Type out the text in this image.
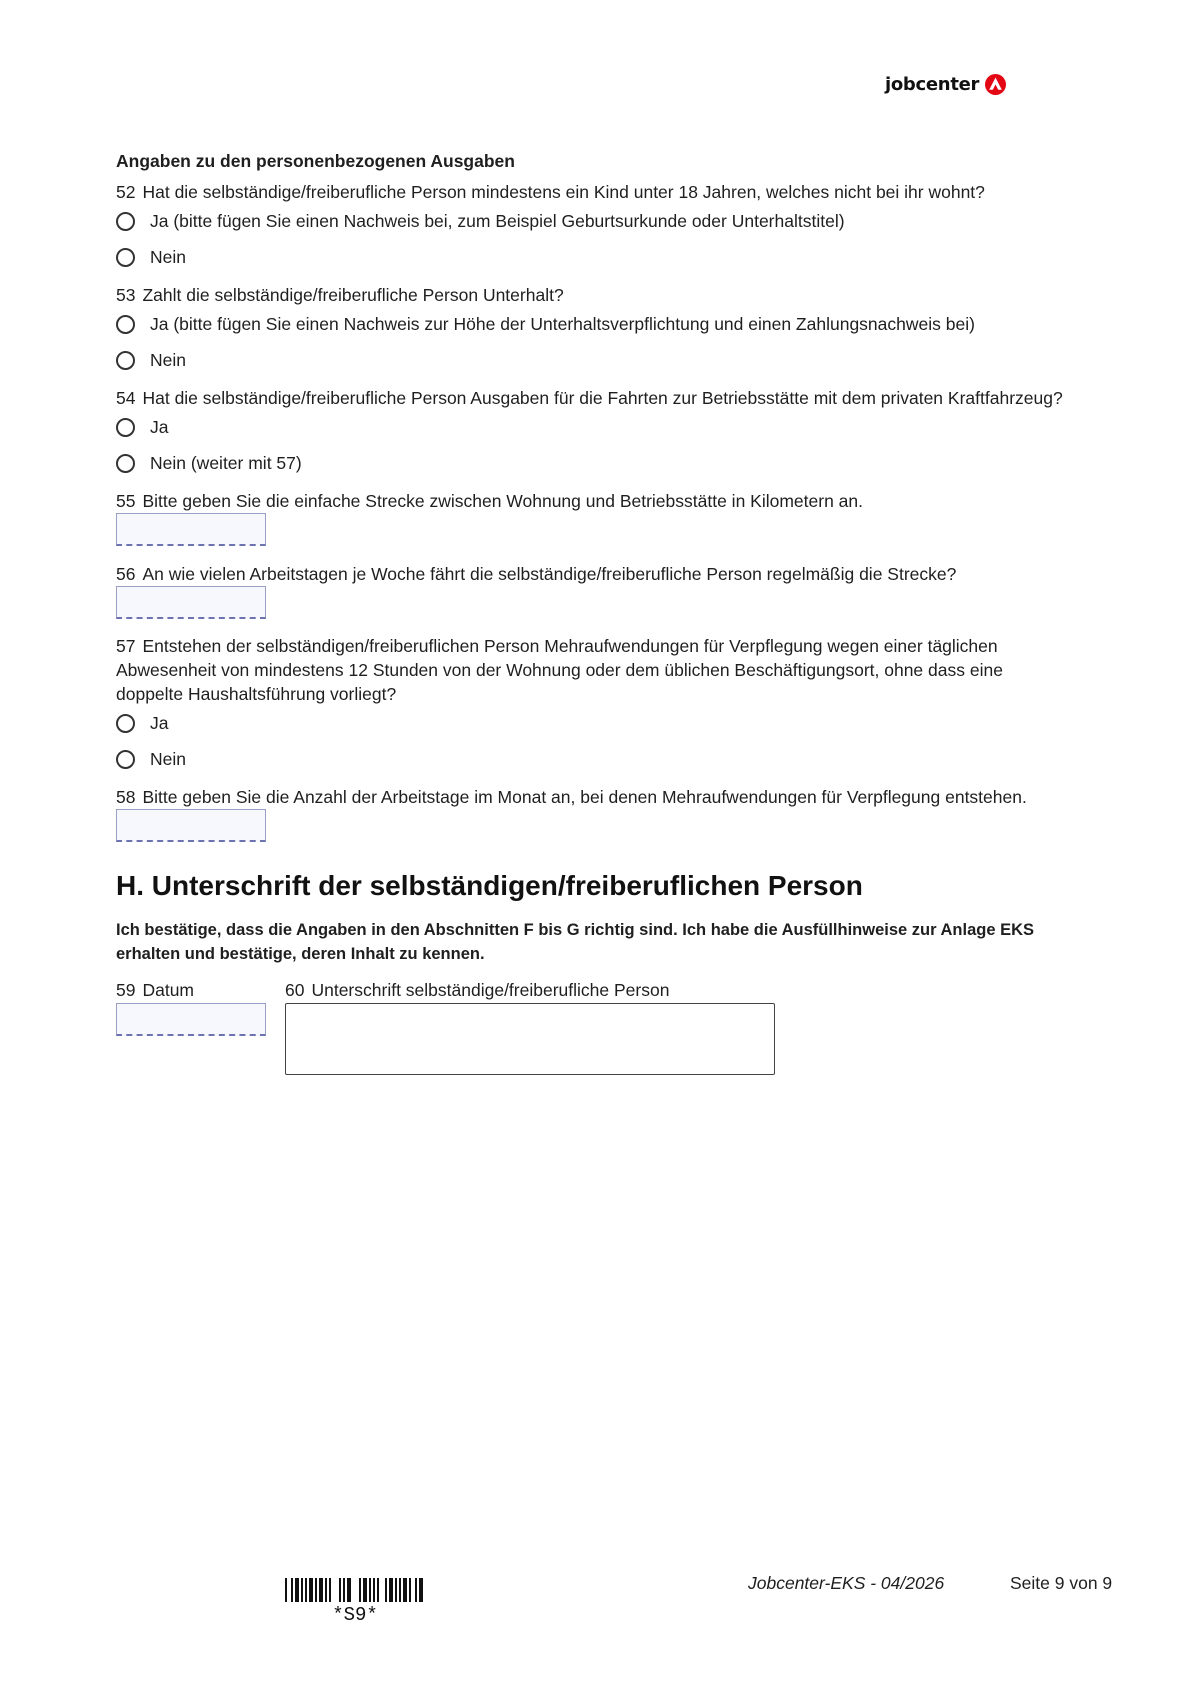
jobcenter
Angaben zu den personenbezogenen Ausgaben
52 Hat die selbständige/freiberufliche Person mindestens ein Kind unter 18 Jahren, welches nicht bei ihr wohnt?
Ja (bitte fügen Sie einen Nachweis bei, zum Beispiel Geburtsurkunde oder Unterhaltstitel)
Nein
53 Zahlt die selbständige/freiberufliche Person Unterhalt?
Ja (bitte fügen Sie einen Nachweis zur Höhe der Unterhaltsverpflichtung und einen Zahlungsnachweis bei)
Nein
54 Hat die selbständige/freiberufliche Person Ausgaben für die Fahrten zur Betriebsstätte mit dem privaten Kraftfahrzeug?
Ja
Nein (weiter mit 57)
55 Bitte geben Sie die einfache Strecke zwischen Wohnung und Betriebsstätte in Kilometern an.
56 An wie vielen Arbeitstagen je Woche fährt die selbständige/freiberufliche Person regelmäßig die Strecke?
57 Entstehen der selbständigen/freiberuflichen Person Mehraufwendungen für Verpflegung wegen einer täglichen
Abwesenheit von mindestens 12 Stunden von der Wohnung oder dem üblichen Beschäftigungsort, ohne dass eine
doppelte Haushaltsführung vorliegt?
Ja
Nein
58 Bitte geben Sie die Anzahl der Arbeitstage im Monat an, bei denen Mehraufwendungen für Verpflegung entstehen.
H. Unterschrift der selbständigen/freiberuflichen Person
Ich bestätige, dass die Angaben in den Abschnitten F bis G richtig sind. Ich habe die Ausfüllhinweise zur Anlage EKS
erhalten und bestätige, deren Inhalt zu kennen.
59 Datum	60 Unterschrift selbständige/freiberufliche Person
*S9*
Jobcenter-EKS - 04/2026	Seite 9 von 9
